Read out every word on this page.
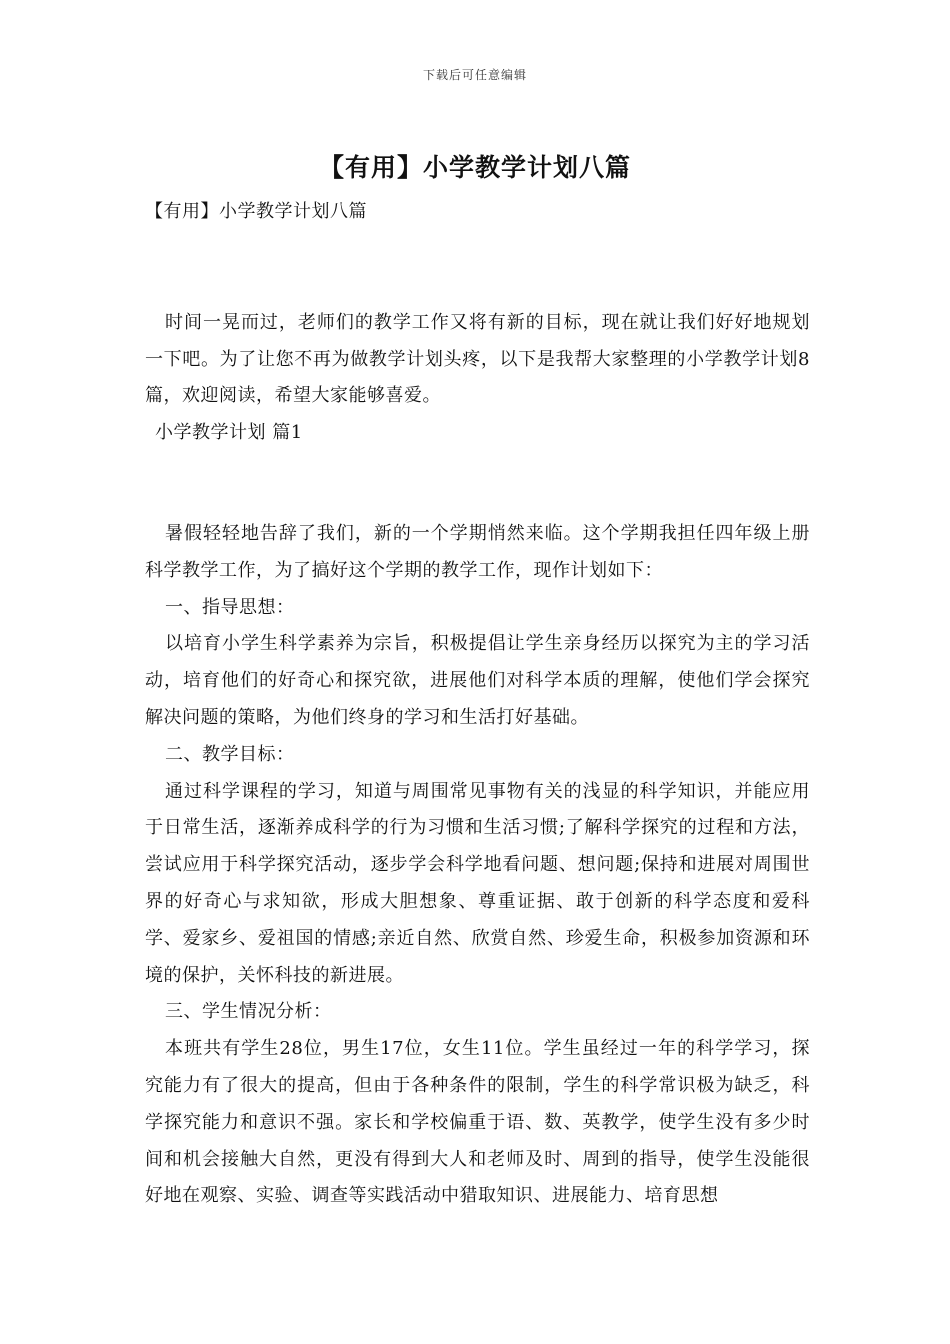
下载后可任意编辑
【有用】小学教学计划八篇

【有用】小学教学计划八篇

时间一晃而过，老师们的教学工作又将有新的目标，现在就让我们好好地规划一下吧。为了让您不再为做教学计划头疼，以下是我帮大家整理的小学教学计划8篇，欢迎阅读，希望大家能够喜爱。

小学教学计划 篇1

暑假轻轻地告辞了我们，新的一个学期悄然来临。这个学期我担任四年级上册科学教学工作，为了搞好这个学期的教学工作，现作计划如下：

一、指导思想：

以培育小学生科学素养为宗旨，积极提倡让学生亲身经历以探究为主的学习活动，培育他们的好奇心和探究欲，进展他们对科学本质的理解，使他们学会探究解决问题的策略，为他们终身的学习和生活打好基础。

二、教学目标：

通过科学课程的学习，知道与周围常见事物有关的浅显的科学知识，并能应用于日常生活，逐渐养成科学的行为习惯和生活习惯;了解科学探究的过程和方法，尝试应用于科学探究活动，逐步学会科学地看问题、想问题;保持和进展对周围世界的好奇心与求知欲，形成大胆想象、尊重证据、敢于创新的科学态度和爱科学、爱家乡、爱祖国的情感;亲近自然、欣赏自然、珍爱生命，积极参加资源和环境的保护，关怀科技的新进展。

三、学生情况分析：

本班共有学生28位，男生17位，女生11位。学生虽经过一年的科学学习，探究能力有了很大的提高，但由于各种条件的限制，学生的科学常识极为缺乏，科学探究能力和意识不强。家长和学校偏重于语、数、英教学，使学生没有多少时间和机会接触大自然，更没有得到大人和老师及时、周到的指导，使学生没能很好地在观察、实验、调查等实践活动中猎取知识、进展能力、培育思想
